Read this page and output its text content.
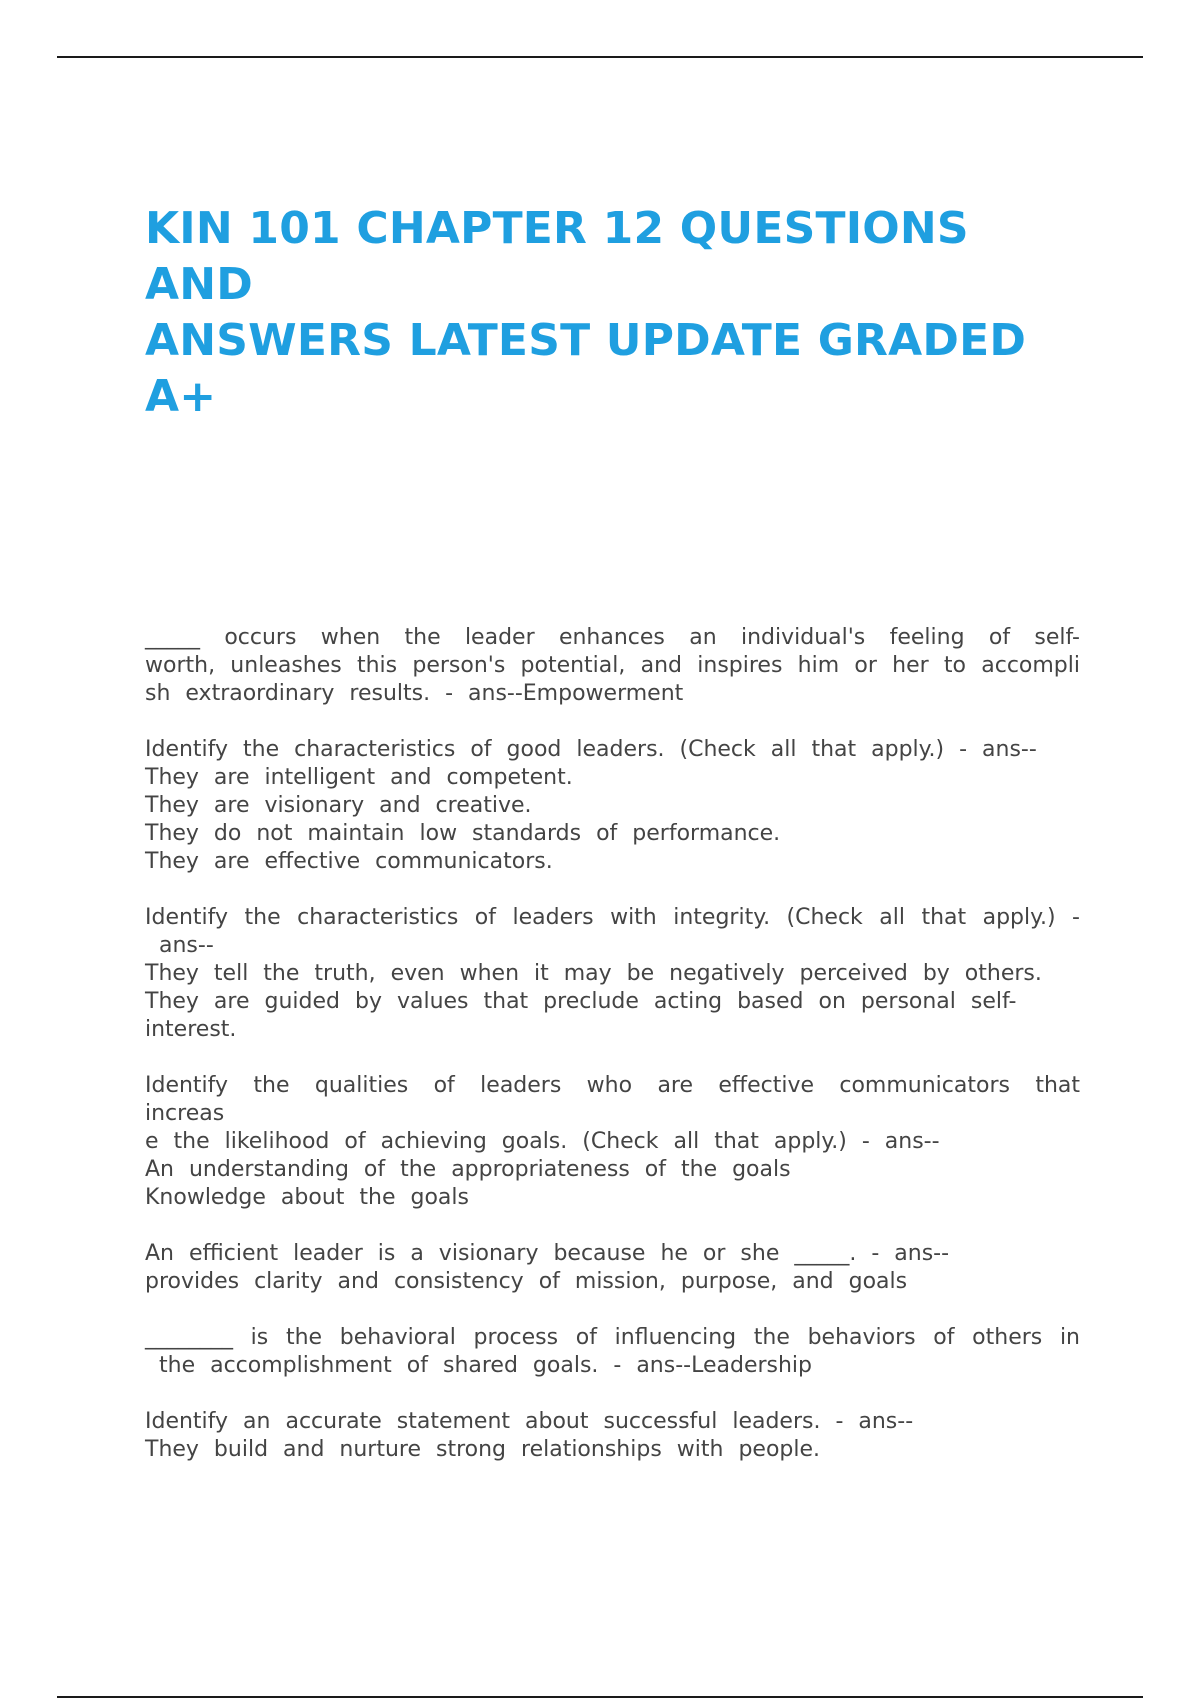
KIN 101 CHAPTER 12 QUESTIONS AND
ANSWERS LATEST UPDATE GRADED
A+
_____ occurs when the leader enhances an individual's feeling of self-
worth, unleashes this person's potential, and inspires him or her to accompli
sh extraordinary results. - ans--Empowerment
Identify the characteristics of good leaders. (Check all that apply.) - ans--
They are intelligent and competent.
They are visionary and creative.
They do not maintain low standards of performance.
They are effective communicators.
Identify the characteristics of leaders with integrity. (Check all that apply.) -
ans--
They tell the truth, even when it may be negatively perceived by others.
They are guided by values that preclude acting based on personal self-
interest.
Identify the qualities of leaders who are effective communicators that increas
e the likelihood of achieving goals. (Check all that apply.) - ans--
An understanding of the appropriateness of the goals
Knowledge about the goals
An efficient leader is a visionary because he or she _____. - ans--
provides clarity and consistency of mission, purpose, and goals
________ is the behavioral process of influencing the behaviors of others in
the accomplishment of shared goals. - ans--Leadership
Identify an accurate statement about successful leaders. - ans--
They build and nurture strong relationships with people.
